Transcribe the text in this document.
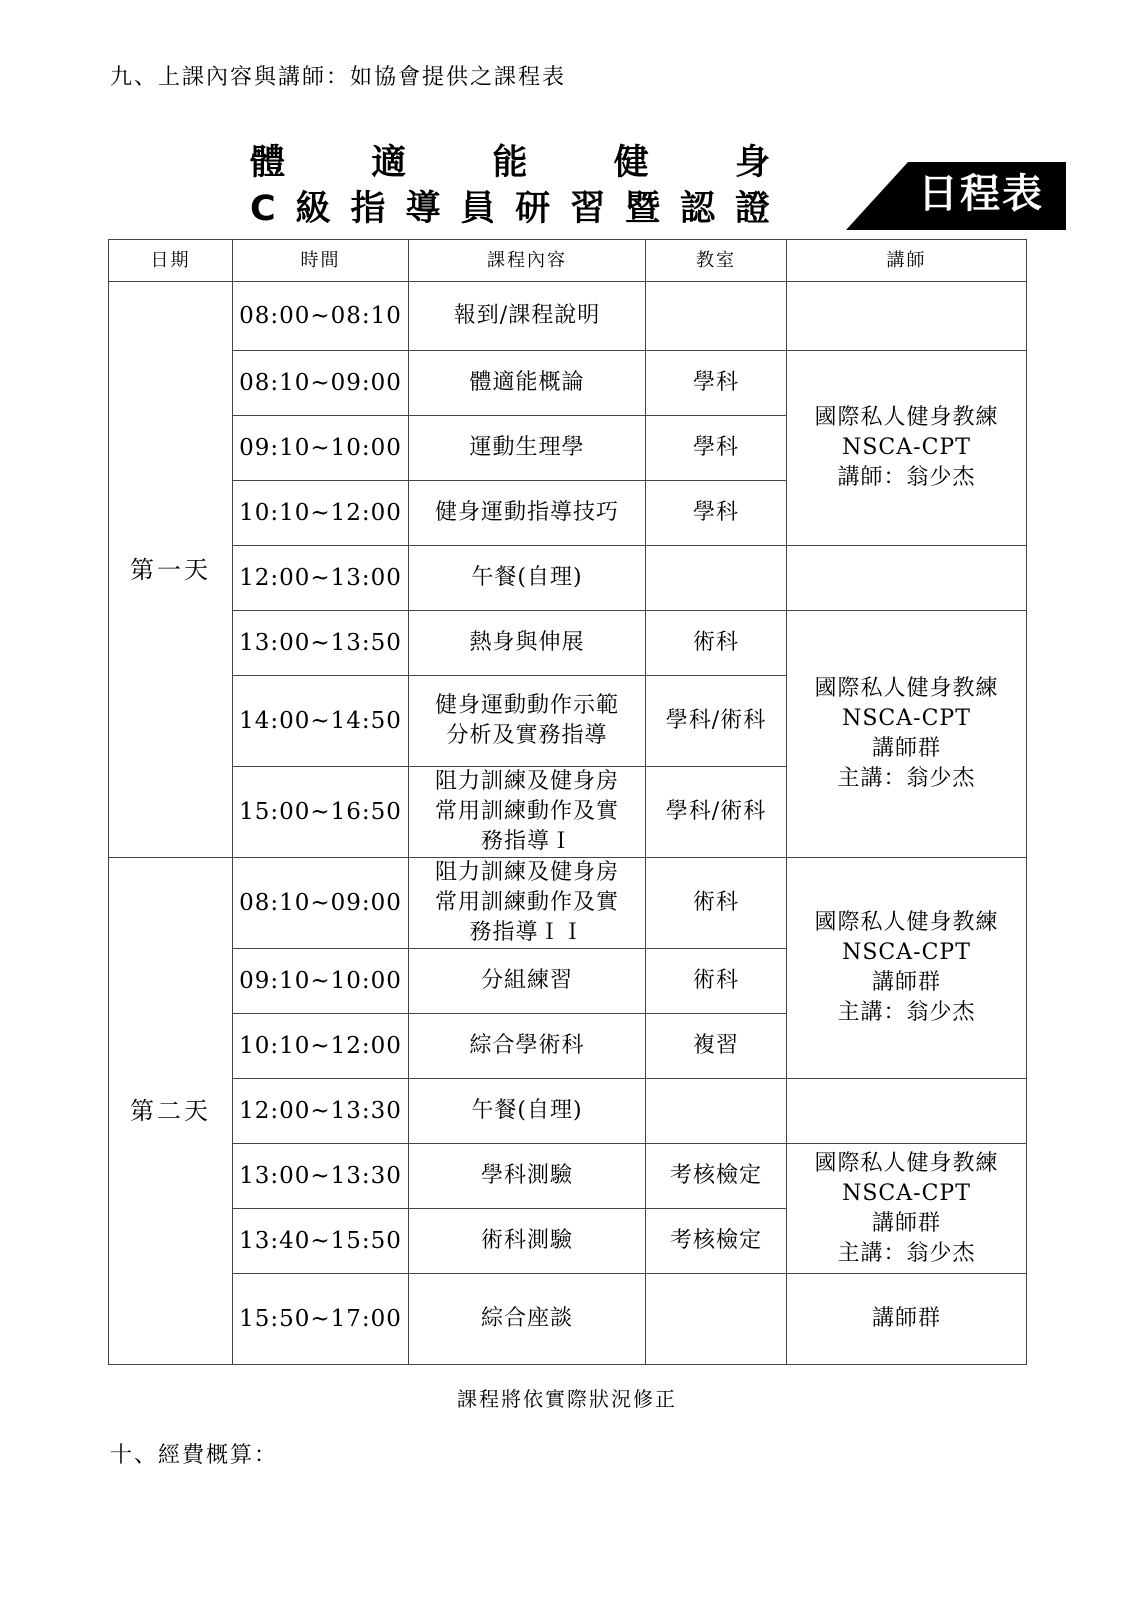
九、上課內容與講師：如協會提供之課程表
體 適 能 健 身
C 級 指 導 員 研 習 暨 認 證	日程表
日期	時間	課程內容	教室	講師
第一天	08:00~08:10	報到/課程說明		
	08:10~09:00	體適能概論	學科	國際私人健身教練
NSCA-CPT
講師：翁少杰
	09:10~10:00	運動生理學	學科	
	10:10~12:00	健身運動指導技巧	學科	
	12:00~13:00	午餐(自理)		
	13:00~13:50	熱身與伸展	術科	國際私人健身教練
NSCA-CPT
講師群
主講：翁少杰
	14:00~14:50	健身運動動作示範
分析及實務指導	學科/術科	
	15:00~16:50	阻力訓練及健身房
常用訓練動作及實
務指導Ｉ	學科/術科	
第二天	08:10~09:00	阻力訓練及健身房
常用訓練動作及實
務指導ＩＩ	術科	國際私人健身教練
NSCA-CPT
講師群
主講：翁少杰
	09:10~10:00	分組練習	術科	
	10:10~12:00	綜合學術科	複習	
	12:00~13:30	午餐(自理)		
	13:00~13:30	學科測驗	考核檢定	國際私人健身教練
NSCA-CPT
講師群
主講：翁少杰
	13:40~15:50	術科測驗	考核檢定	
	15:50~17:00	綜合座談		講師群
課程將依實際狀況修正
十、經費概算：
